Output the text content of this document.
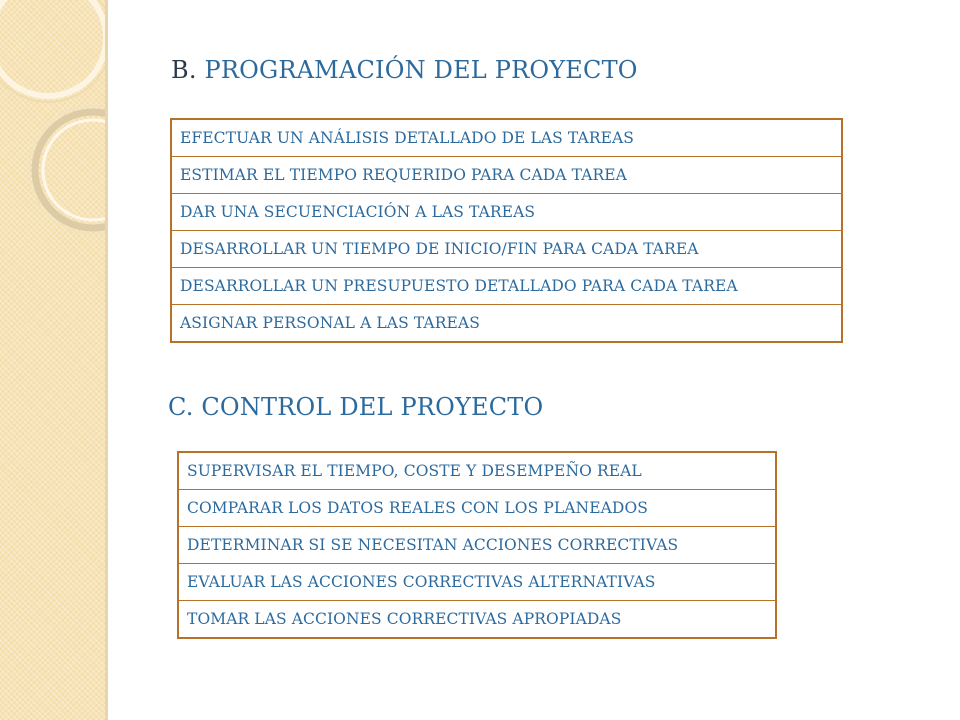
B. PROGRAMACIÓN DEL PROYECTO
EFECTUAR UN ANÁLISIS DETALLADO DE LAS TAREAS
ESTIMAR EL TIEMPO REQUERIDO PARA CADA TAREA
DAR UNA SECUENCIACIÓN A LAS TAREAS
DESARROLLAR UN TIEMPO DE INICIO/FIN PARA CADA TAREA
DESARROLLAR UN PRESUPUESTO DETALLADO PARA CADA TAREA
ASIGNAR PERSONAL A LAS TAREAS
C. CONTROL DEL PROYECTO
SUPERVISAR EL TIEMPO, COSTE Y DESEMPEÑO REAL
COMPARAR LOS DATOS REALES CON LOS PLANEADOS
DETERMINAR SI SE NECESITAN ACCIONES CORRECTIVAS
EVALUAR LAS ACCIONES CORRECTIVAS ALTERNATIVAS
TOMAR LAS ACCIONES CORRECTIVAS APROPIADAS
